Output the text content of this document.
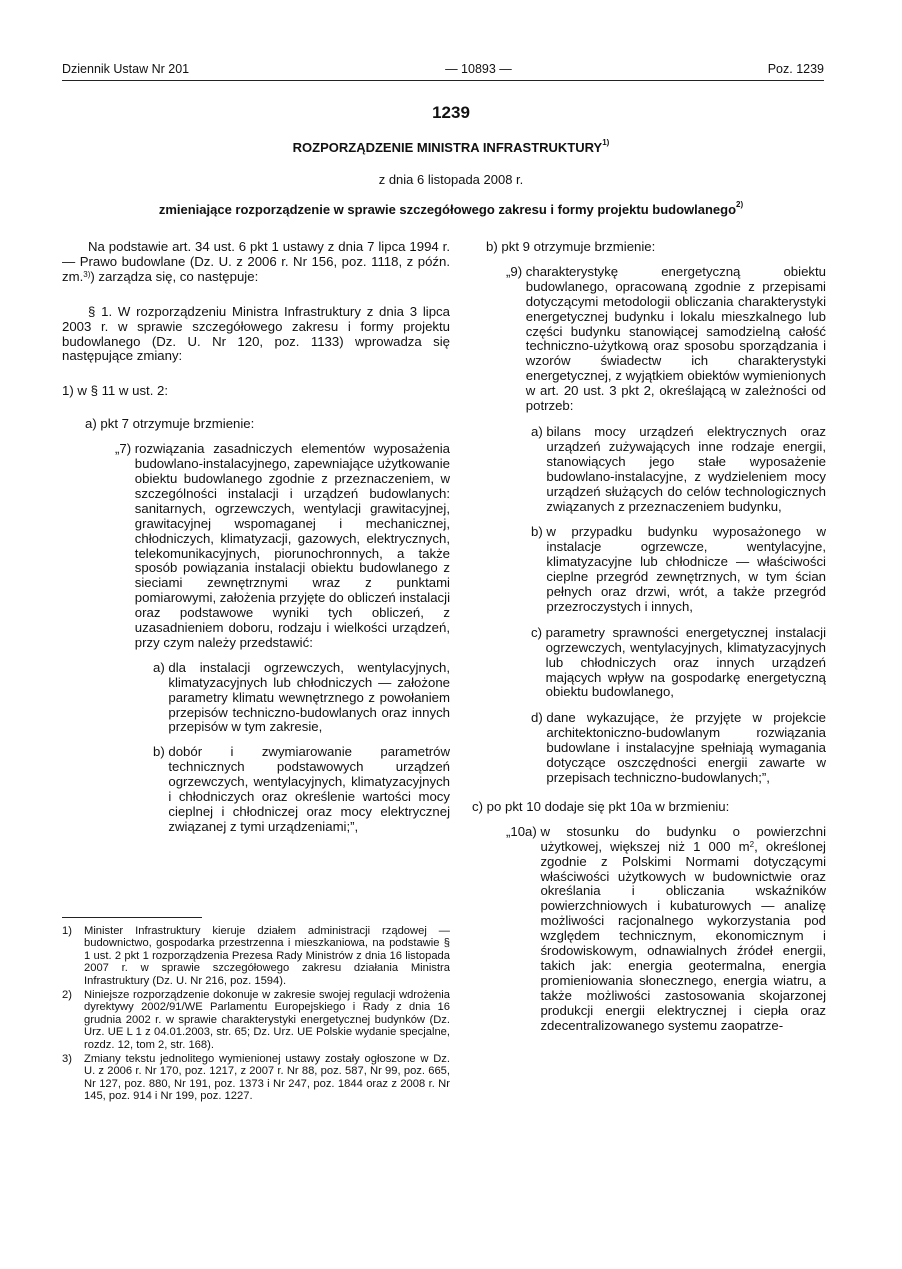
Dziennik Ustaw Nr 201	— 10893 —	Poz. 1239
1239
ROZPORZĄDZENIE MINISTRA INFRASTRUKTURY$^{1)}$
z dnia 6 listopada 2008 r.
zmieniające rozporządzenie w sprawie szczegółowego zakresu i formy projektu budowlanego$^{2)}$

Na podstawie art. 34 ust. 6 pkt 1 ustawy z dnia 7 lipca 1994 r. — Prawo budowlane (Dz. U. z 2006 r. Nr 156, poz. 1118, z późn. zm.$^{3)}$) zarządza się, co następuje:

§ 1. W rozporządzeniu Ministra Infrastruktury z dnia 3 lipca 2003 r. w sprawie szczegółowego zakresu i formy projektu budowlanego (Dz. U. Nr 120, poz. 1133) wprowadza się następujące zmiany:

1) w § 11 w ust. 2:

a) pkt 7 otrzymuje brzmienie:

„7) rozwiązania zasadniczych elementów wyposażenia budowlano-instalacyjnego, zapewniające użytkowanie obiektu budowlanego zgodnie z przeznaczeniem, w szczególności instalacji i urządzeń budowlanych: sanitarnych, ogrzewczych, wentylacji grawitacyjnej, grawitacyjnej wspomaganej i mechanicznej, chłodniczych, klimatyzacji, gazowych, elektrycznych, telekomunikacyjnych, piorunochronnych, a także sposób powiązania instalacji obiektu budowlanego z sieciami zewnętrznymi wraz z punktami pomiarowymi, założenia przyjęte do obliczeń instalacji oraz podstawowe wyniki tych obliczeń, z uzasadnieniem doboru, rodzaju i wielkości urządzeń, przy czym należy przedstawić:
a) dla instalacji ogrzewczych, wentylacyjnych, klimatyzacyjnych lub chłodniczych — założone parametry klimatu wewnętrznego z powołaniem przepisów techniczno-budowlanych oraz innych przepisów w tym zakresie,
b) dobór i zwymiarowanie parametrów technicznych podstawowych urządzeń ogrzewczych, wentylacyjnych, klimatyzacyjnych i chłodniczych oraz określenie wartości mocy cieplnej i chłodniczej oraz mocy elektrycznej związanej z tymi urządzeniami;”,

b) pkt 9 otrzymuje brzmienie:

„9) charakterystykę energetyczną obiektu budowlanego, opracowaną zgodnie z przepisami dotyczącymi metodologii obliczania charakterystyki energetycznej budynku i lokalu mieszkalnego lub części budynku stanowiącej samodzielną całość techniczno-użytkową oraz sposobu sporządzania i wzorów świadectw ich charakterystyki energetycznej, z wyjątkiem obiektów wymienionych w art. 20 ust. 3 pkt 2, określającą w zależności od potrzeb:
a) bilans mocy urządzeń elektrycznych oraz urządzeń zużywających inne rodzaje energii, stanowiących jego stałe wyposażenie budowlano-instalacyjne, z wydzieleniem mocy urządzeń służących do celów technologicznych związanych z przeznaczeniem budynku,
b) w przypadku budynku wyposażonego w instalacje ogrzewcze, wentylacyjne, klimatyzacyjne lub chłodnicze — właściwości cieplne przegród zewnętrznych, w tym ścian pełnych oraz drzwi, wrót, a także przegród przezroczystych i innych,
c) parametry sprawności energetycznej instalacji ogrzewczych, wentylacyjnych, klimatyzacyjnych lub chłodniczych oraz innych urządzeń mających wpływ na gospodarkę energetyczną obiektu budowlanego,
d) dane wykazujące, że przyjęte w projekcie architektoniczno-budowlanym rozwiązania budowlane i instalacyjne spełniają wymagania dotyczące oszczędności energii zawarte w przepisach techniczno-budowlanych;”,

c) po pkt 10 dodaje się pkt 10a w brzmieniu:

„10a) w stosunku do budynku o powierzchni użytkowej, większej niż 1 000 $m^2$, określonej zgodnie z Polskimi Normami dotyczącymi właściwości użytkowych w budownictwie oraz określania i obliczania wskaźników powierzchniowych i kubaturowych — analizę możliwości racjonalnego wykorzystania pod względem technicznym, ekonomicznym i środowiskowym, odnawialnych źródeł energii, takich jak: energia geotermalna, energia promieniowania słonecznego, energia wiatru, a także możliwości zastosowania skojarzonej produkcji energii elektrycznej i ciepła oraz zdecentralizowanego systemu zaopatrze-
1)	Minister Infrastruktury kieruje działem administracji rządowej — budownictwo, gospodarka przestrzenna i mieszkaniowa, na podstawie § 1 ust. 2 pkt 1 rozporządzenia Prezesa Rady Ministrów z dnia 16 listopada 2007 r. w sprawie szczegółowego zakresu działania Ministra Infrastruktury (Dz. U. Nr 216, poz. 1594).
2)	Niniejsze rozporządzenie dokonuje w zakresie swojej regulacji wdrożenia dyrektywy 2002/91/WE Parlamentu Europejskiego i Rady z dnia 16 grudnia 2002 r. w sprawie charakterystyki energetycznej budynków (Dz. Urz. UE L 1 z 04.01.2003, str. 65; Dz. Urz. UE Polskie wydanie specjalne, rozdz. 12, tom 2, str. 168).
3)	Zmiany tekstu jednolitego wymienionej ustawy zostały ogłoszone w Dz. U. z 2006 r. Nr 170, poz. 1217, z 2007 r. Nr 88, poz. 587, Nr 99, poz. 665, Nr 127, poz. 880, Nr 191, poz. 1373 i Nr 247, poz. 1844 oraz z 2008 r. Nr 145, poz. 914 i Nr 199, poz. 1227.
